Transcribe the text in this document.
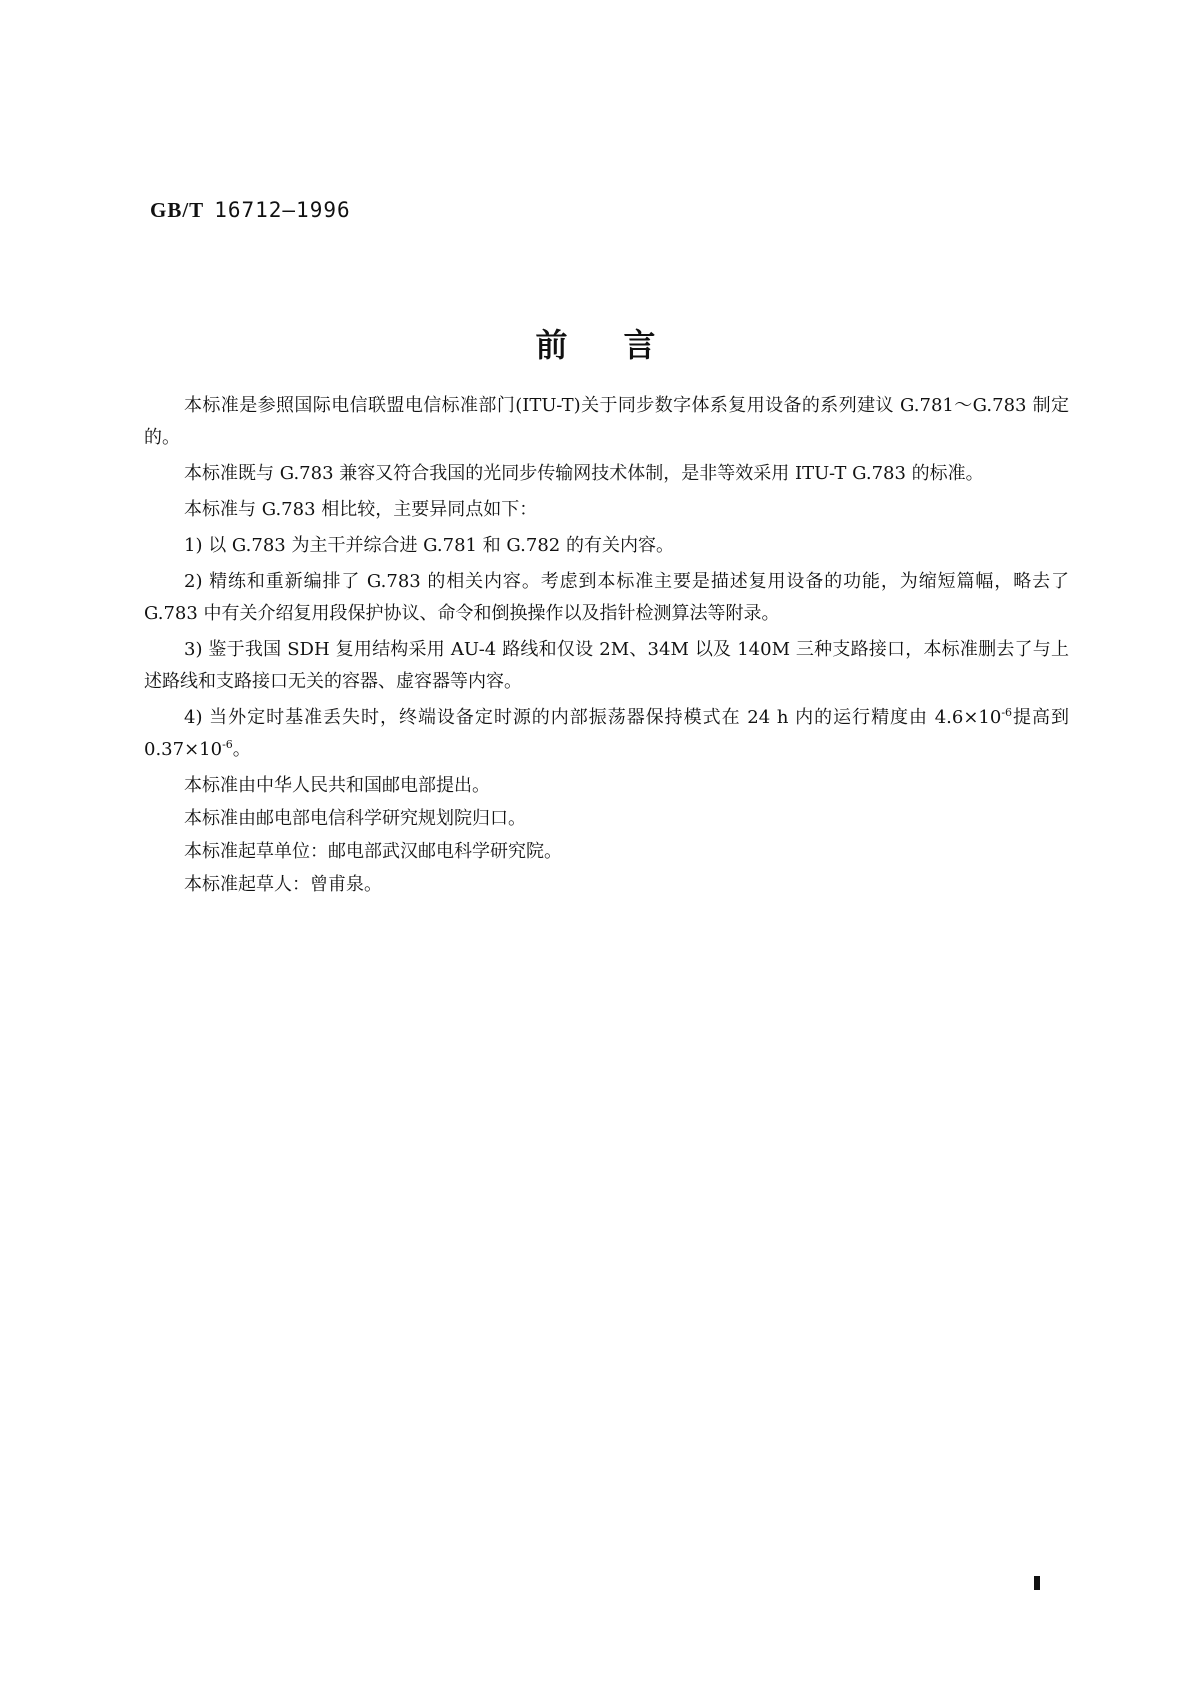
GB/T 16712—1996
前言

本标准是参照国际电信联盟电信标准部门(ITU-T)关于同步数字体系复用设备的系列建议 G.781～G.783 制定的。

本标准既与 G.783 兼容又符合我国的光同步传输网技术体制，是非等效采用 ITU-T G.783 的标准。

本标准与 G.783 相比较，主要异同点如下：

1) 以 G.783 为主干并综合进 G.781 和 G.782 的有关内容。

2) 精练和重新编排了 G.783 的相关内容。考虑到本标准主要是描述复用设备的功能，为缩短篇幅，略去了 G.783 中有关介绍复用段保护协议、命令和倒换操作以及指针检测算法等附录。

3) 鉴于我国 SDH 复用结构采用 AU-4 路线和仅设 2M、34M 以及 140M 三种支路接口，本标准删去了与上述路线和支路接口无关的容器、虚容器等内容。

4) 当外定时基准丢失时，终端设备定时源的内部振荡器保持模式在 24 h 内的运行精度由 $4.6\times 10^{-6}$提高到 $0.37\times 10^{-6}$。

本标准由中华人民共和国邮电部提出。

本标准由邮电部电信科学研究规划院归口。

本标准起草单位：邮电部武汉邮电科学研究院。

本标准起草人：曾甫泉。
